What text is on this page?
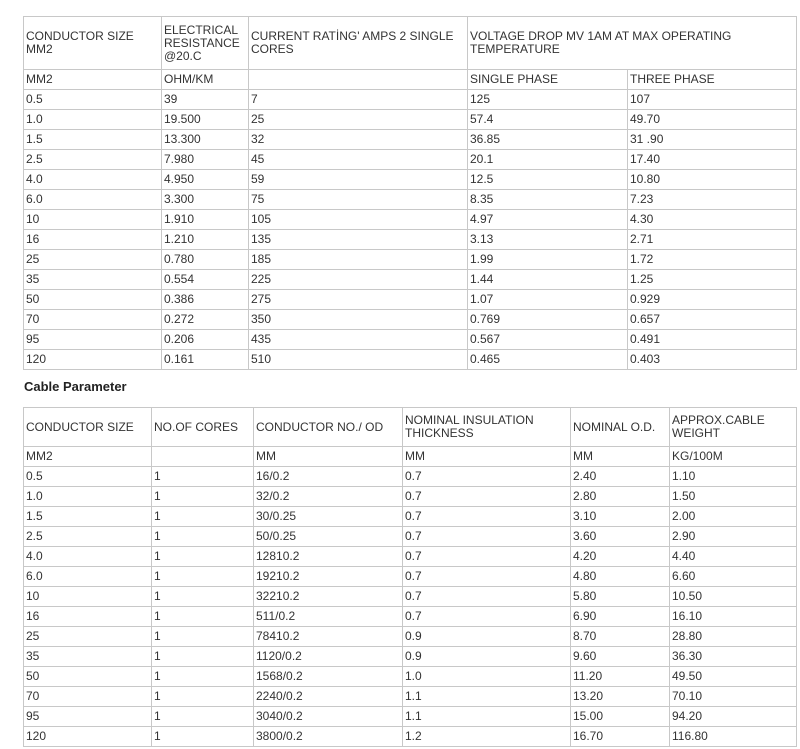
CONDUCTOR SIZE MM2	ELECTRICAL RESISTANCE @20.C	CURRENT RATİNG' AMPS 2 SINGLE CORES	VOLTAGE DROP MV 1AM AT MAX OPERATING TEMPERATURE	
MM2	OHM/KM		SINGLE PHASE	THREE PHASE
0.5	39	7	125	107
1.0	19.500	25	57.4	49.70
1.5	13.300	32	36.85	31 .90
2.5	7.980	45	20.1	17.40
4.0	4.950	59	12.5	10.80
6.0	3.300	75	8.35	7.23
10	1.910	105	4.97	4.30
16	1.210	135	3.13	2.71
25	0.780	185	1.99	1.72
35	0.554	225	1.44	1.25
50	0.386	275	1.07	0.929
70	0.272	350	0.769	0.657
95	0.206	435	0.567	0.491
120	0.161	510	0.465	0.403

Cable Parameter

CONDUCTOR SIZE	NO.OF CORES	CONDUCTOR NO./ OD	NOMINAL INSULATION THICKNESS	NOMINAL O.D.	APPROX.CABLE WEIGHT
MM2		MM	MM	MM	KG/100M
0.5	1	16/0.2	0.7	2.40	1.10
1.0	1	32/0.2	0.7	2.80	1.50
1.5	1	30/0.25	0.7	3.10	2.00
2.5	1	50/0.25	0.7	3.60	2.90
4.0	1	12810.2	0.7	4.20	4.40
6.0	1	19210.2	0.7	4.80	6.60
10	1	32210.2	0.7	5.80	10.50
16	1	511/0.2	0.7	6.90	16.10
25	1	78410.2	0.9	8.70	28.80
35	1	1120/0.2	0.9	9.60	36.30
50	1	1568/0.2	1.0	11.20	49.50
70	1	2240/0.2	1.1	13.20	70.10
95	1	3040/0.2	1.1	15.00	94.20
120	1	3800/0.2	1.2	16.70	116.80
